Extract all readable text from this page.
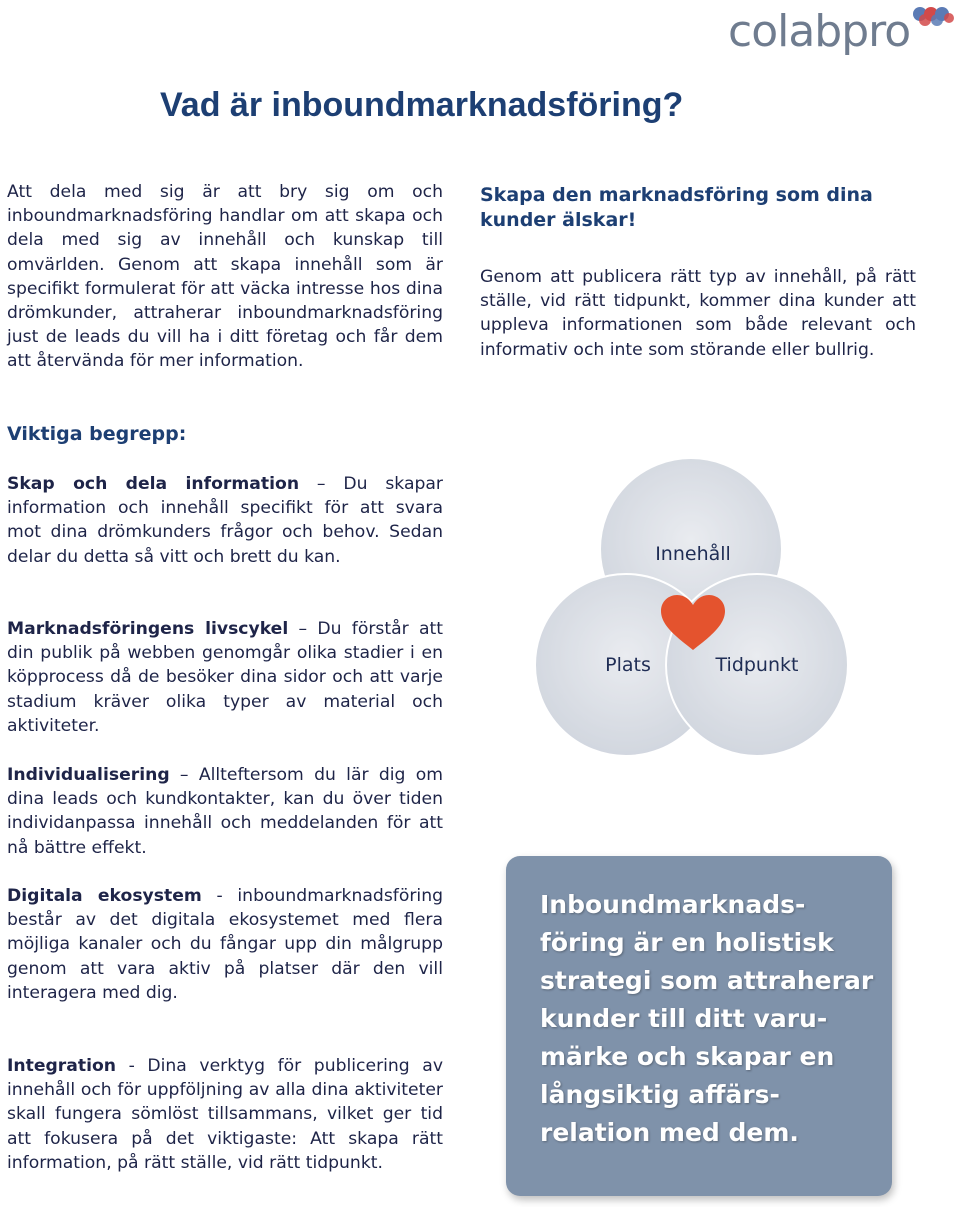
colabpro
Vad är inboundmarknadsföring?

Att dela med sig är att bry sig om och inboundmarknadsföring handlar om att skapa och dela med sig av innehåll och kunskap till omvärlden. Genom att skapa innehåll som är specifikt formulerat för att väcka intresse hos dina drömkunder, attraherar inboundmarknadsföring just de leads du vill ha i ditt företag och får dem att återvända för mer information.

Skapa den marknadsföring som dina kunder älskar!

Genom att publicera rätt typ av innehåll, på rätt ställe, vid rätt tidpunkt, kommer dina kunder att uppleva informationen som både relevant och informativ och inte som störande eller bullrig.

Viktiga begrepp:

Skap och dela information – Du skapar information och innehåll specifikt för att svara mot dina drömkunders frågor och behov. Sedan delar du detta så vitt och brett du kan.

Marknadsföringens livscykel – Du förstår att din publik på webben genomgår olika stadier i en köpprocess då de besöker dina sidor och att varje stadium kräver olika typer av material och aktiviteter.

Individualisering – Allteftersom du lär dig om dina leads och kundkontakter, kan du över tiden individanpassa innehåll och meddelanden för att nå bättre effekt.

Digitala ekosystem - inboundmarknadsföring består av det digitala ekosystemet med flera möjliga kanaler och du fångar upp din målgrupp genom att vara aktiv på platser där den vill interagera med dig.

Integration - Dina verktyg för publicering av innehåll och för uppföljning av alla dina aktiviteter skall fungera sömlöst tillsammans, vilket ger tid att fokusera på det viktigaste: Att skapa rätt information, på rätt ställe, vid rätt tidpunkt.

Innehåll
Plats	Tidpunkt

Inboundmarknads-
föring är en holistisk
strategi som attraherar
kunder till ditt varu-
märke och skapar en
långsiktig affärs-
relation med dem.
